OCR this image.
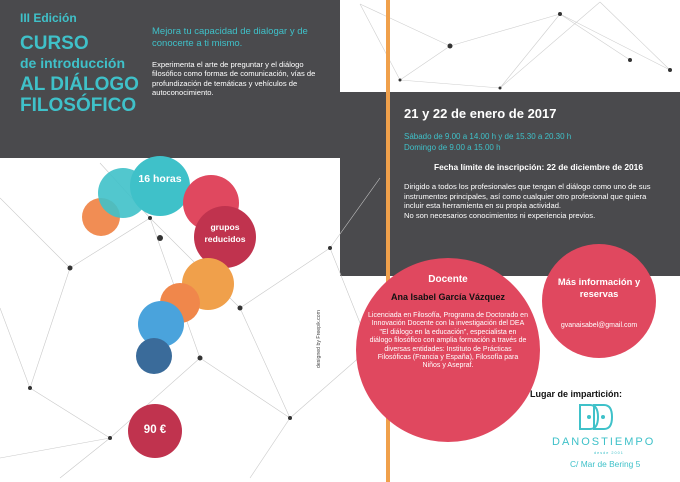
III Edición
CURSO
de introducción
AL DIÁLOGO
FILOSÓFICO
Mejora tu capacidad de dialogar y de conocerte a ti mismo.
Experimenta el arte de preguntar y el diálogo filosófico como formas de comunicación, vías de profundización de temáticas y vehículos de autoconocimiento.
16 horas
grupos reducidos
90 €
designed by Freepik.com
21 y 22 de enero de 2017
Sábado de 9.00 a 14.00 h y de 15.30 a 20.30 h
Domingo de 9.00 a 15.00 h
Fecha límite de inscripción: 22 de diciembre de 2016
Dirigido a todos los profesionales que tengan el diálogo como uno de sus instrumentos principales, así como cualquier otro profesional que quiera incluir esta herramienta en su propia actividad.
No son necesarios conocimientos ni experiencia previos.
Docente
Ana Isabel García Vázquez
Licenciada en Filosofía, Programa de Doctorado en Innovación Docente con la investigación del DEA "El diálogo en la educación", especialista en diálogo filosófico con amplia formación a través de diversas entidades: Instituto de Prácticas Filosóficas (Francia y España), Filosofía para Niños y Asepraf.
Más información y reservas
gvanaisabel@gmail.com
Lugar de impartición:
DANOSTIEMPO
desde 2001
C/ Mar de Bering 5
